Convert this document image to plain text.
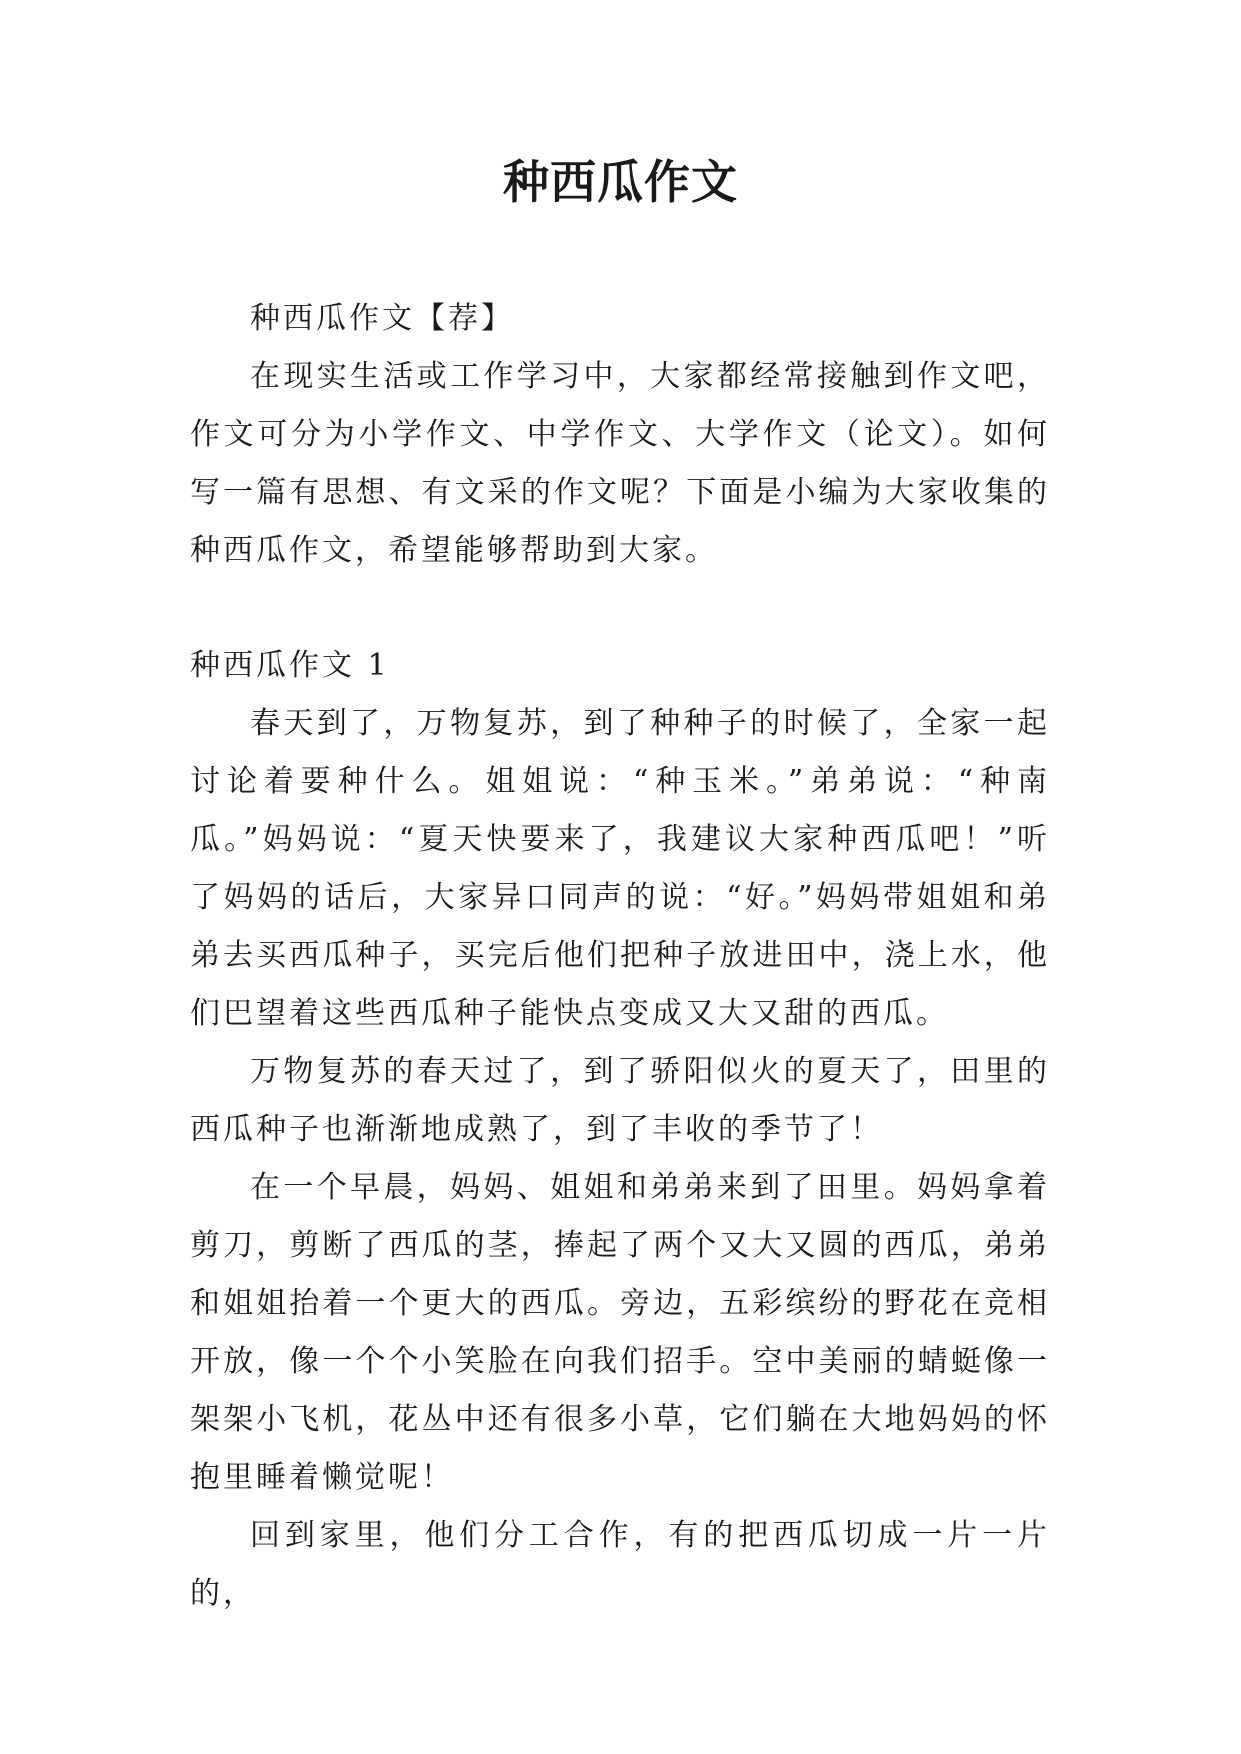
种西瓜作文

种西瓜作文【荐】

在现实生活或工作学习中，大家都经常接触到作文吧，作文可分为小学作文、中学作文、大学作文（论文）。如何写一篇有思想、有文采的作文呢？下面是小编为大家收集的种西瓜作文，希望能够帮助到大家。

种西瓜作文 1

春天到了，万物复苏，到了种种子的时候了，全家一起讨论着要种什么。姐姐说：“种玉米。”弟弟说：“种南瓜。”妈妈说：“夏天快要来了，我建议大家种西瓜吧！”听了妈妈的话后，大家异口同声的说：“好。”妈妈带姐姐和弟弟去买西瓜种子，买完后他们把种子放进田中，浇上水，他们巴望着这些西瓜种子能快点变成又大又甜的西瓜。

万物复苏的春天过了，到了骄阳似火的夏天了，田里的西瓜种子也渐渐地成熟了，到了丰收的季节了！

在一个早晨，妈妈、姐姐和弟弟来到了田里。妈妈拿着剪刀，剪断了西瓜的茎，捧起了两个又大又圆的西瓜，弟弟和姐姐抬着一个更大的西瓜。旁边，五彩缤纷的野花在竞相开放，像一个个小笑脸在向我们招手。空中美丽的蜻蜓像一架架小飞机，花丛中还有很多小草，它们躺在大地妈妈的怀抱里睡着懒觉呢！

回到家里，他们分工合作，有的把西瓜切成一片一片的，
